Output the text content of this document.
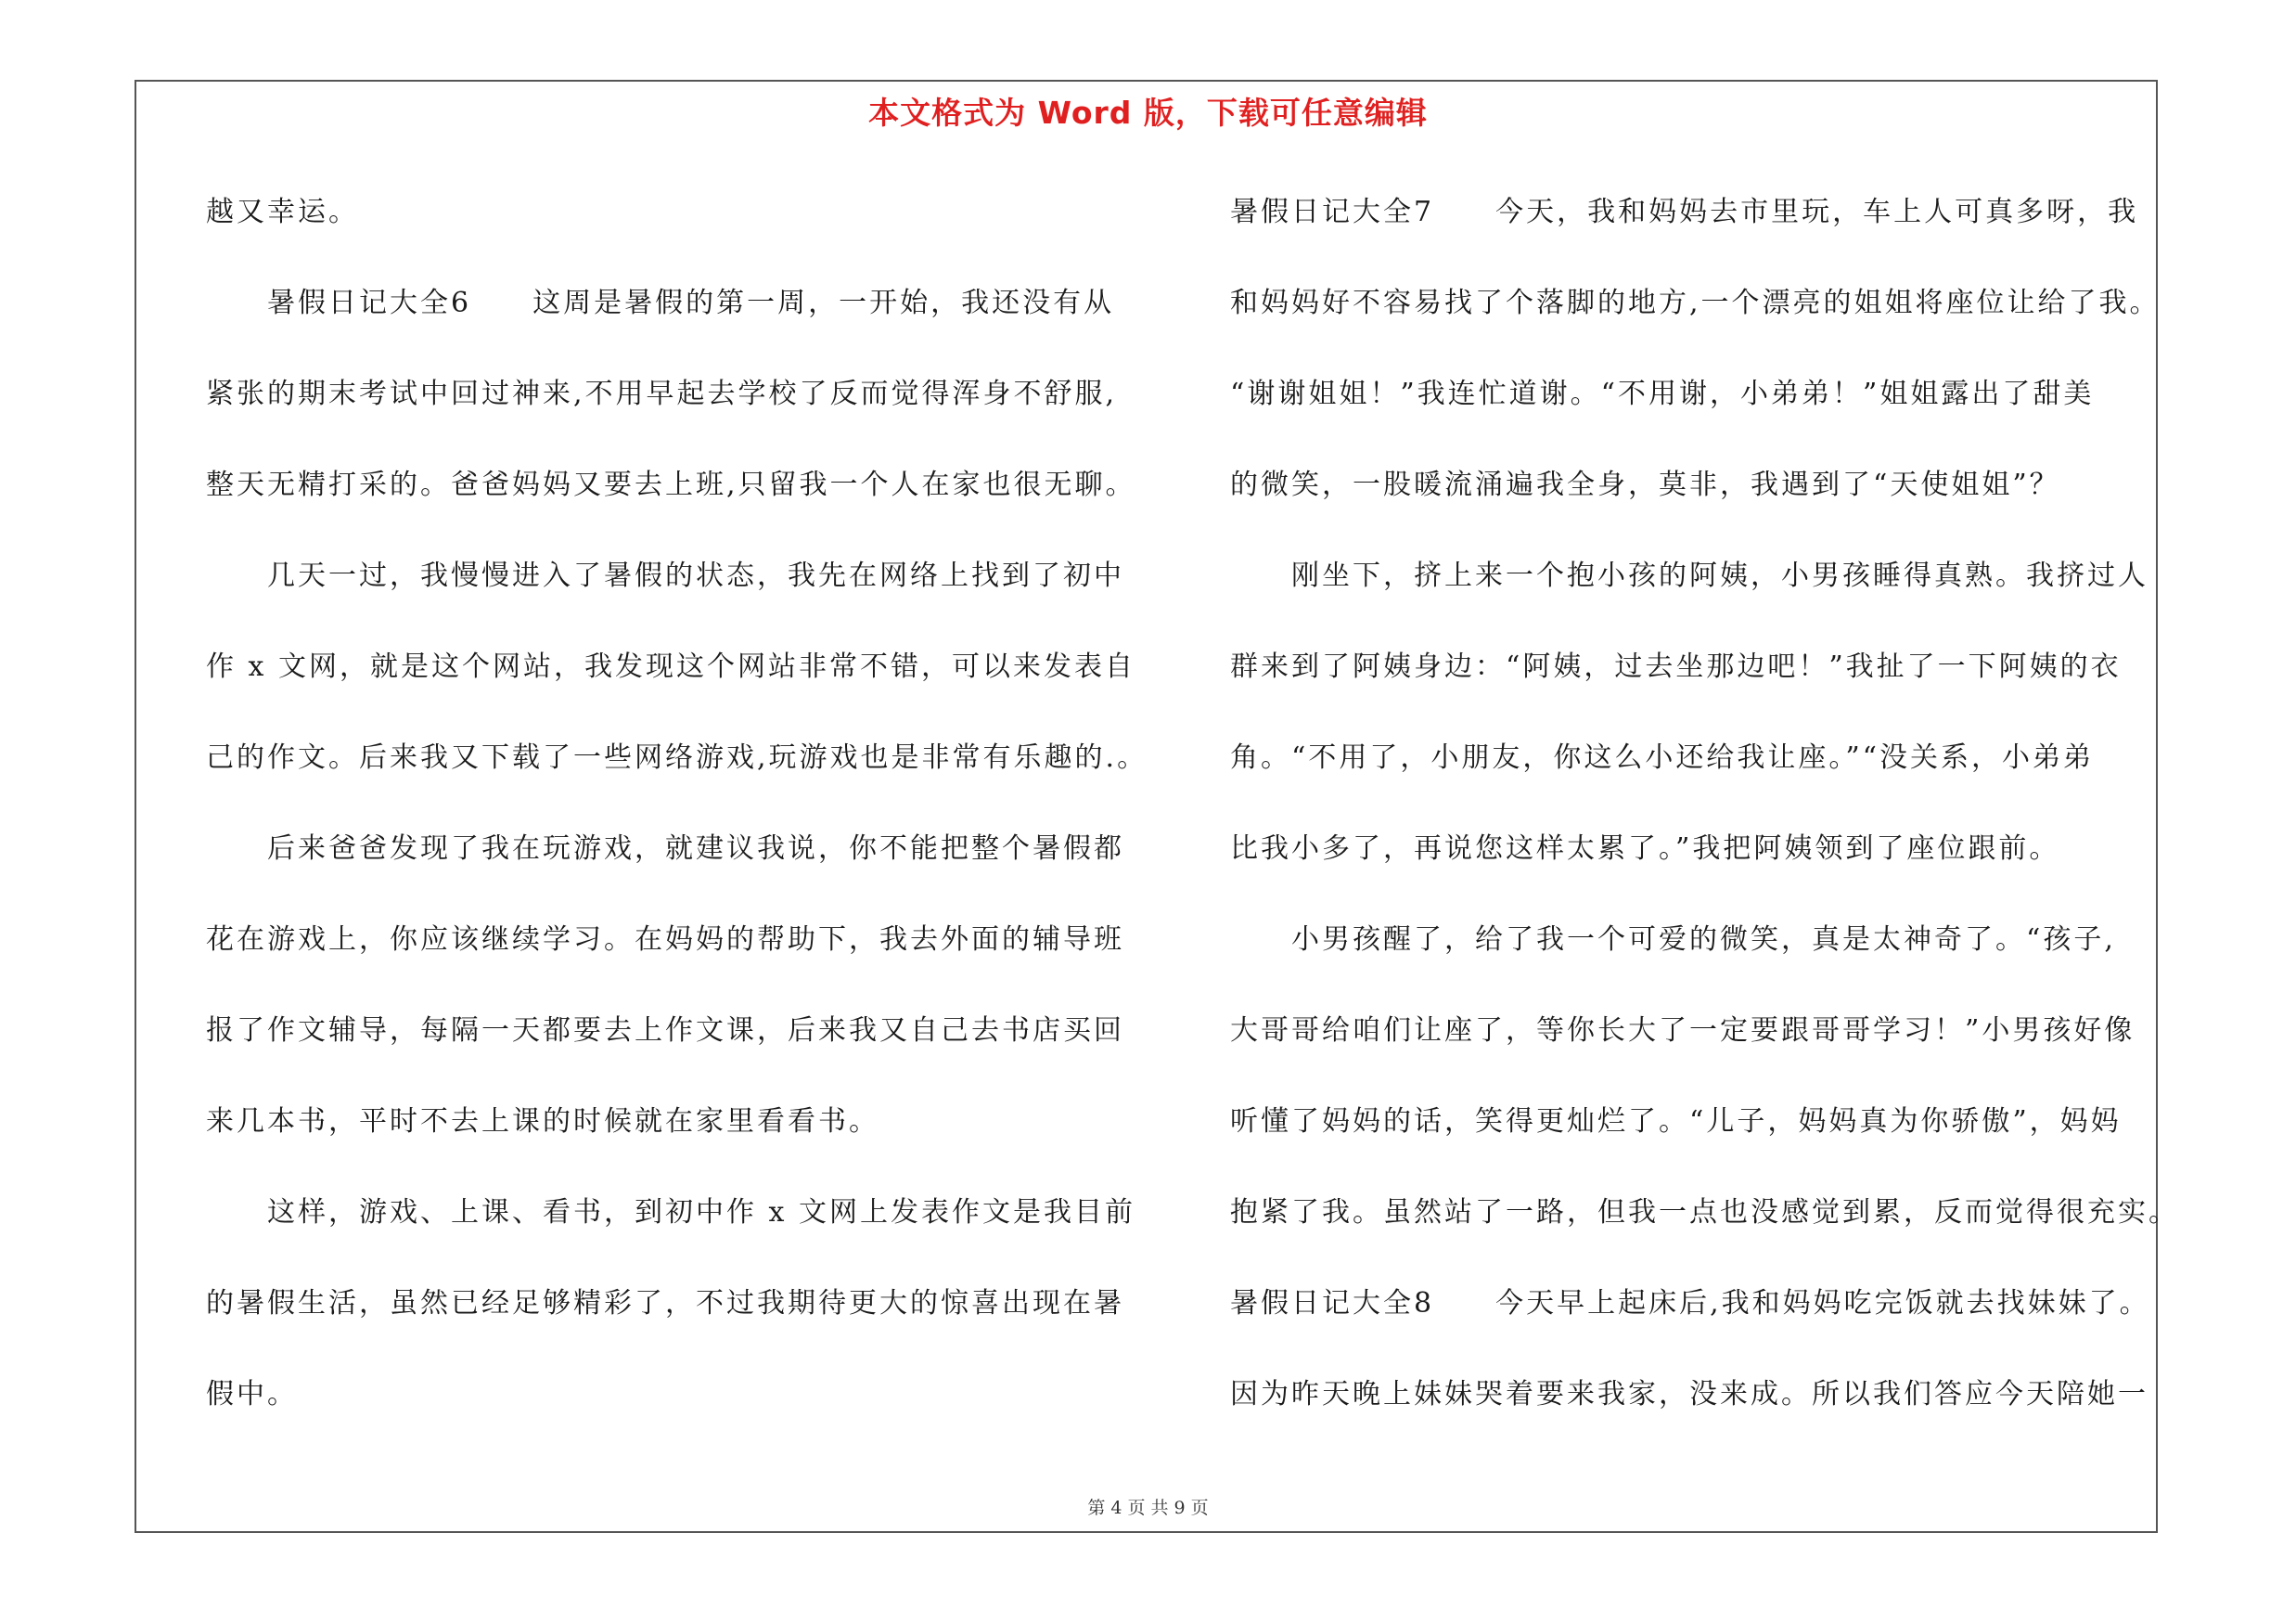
本文格式为 Word 版，下载可任意编辑
越又幸运。
暑假日记大全6　　这周是暑假的第一周，一开始，我还没有从
紧张的期末考试中回过神来,不用早起去学校了反而觉得浑身不舒服,
整天无精打采的。爸爸妈妈又要去上班,只留我一个人在家也很无聊。
几天一过，我慢慢进入了暑假的状态，我先在网络上找到了初中
作 x 文网，就是这个网站，我发现这个网站非常不错，可以来发表自
己的作文。后来我又下载了一些网络游戏,玩游戏也是非常有乐趣的.。
后来爸爸发现了我在玩游戏，就建议我说，你不能把整个暑假都
花在游戏上，你应该继续学习。在妈妈的帮助下，我去外面的辅导班
报了作文辅导，每隔一天都要去上作文课，后来我又自己去书店买回
来几本书，平时不去上课的时候就在家里看看书。
这样，游戏、上课、看书，到初中作 x 文网上发表作文是我目前
的暑假生活，虽然已经足够精彩了，不过我期待更大的惊喜出现在暑
假中。
暑假日记大全7　　今天，我和妈妈去市里玩，车上人可真多呀，我
和妈妈好不容易找了个落脚的地方,一个漂亮的姐姐将座位让给了我。
“谢谢姐姐！”我连忙道谢。“不用谢，小弟弟！”姐姐露出了甜美
的微笑，一股暖流涌遍我全身，莫非，我遇到了“天使姐姐”？
刚坐下，挤上来一个抱小孩的阿姨，小男孩睡得真熟。我挤过人
群来到了阿姨身边：“阿姨，过去坐那边吧！”我扯了一下阿姨的衣
角。“不用了，小朋友，你这么小还给我让座。”“没关系，小弟弟
比我小多了，再说您这样太累了。”我把阿姨领到了座位跟前。
小男孩醒了，给了我一个可爱的微笑，真是太神奇了。“孩子,
大哥哥给咱们让座了，等你长大了一定要跟哥哥学习！”小男孩好像
听懂了妈妈的话，笑得更灿烂了。“儿子，妈妈真为你骄傲”，妈妈
抱紧了我。虽然站了一路，但我一点也没感觉到累，反而觉得很充实。
暑假日记大全8　　今天早上起床后,我和妈妈吃完饭就去找妹妹了。
因为昨天晚上妹妹哭着要来我家，没来成。所以我们答应今天陪她一
第 4 页 共 9 页
